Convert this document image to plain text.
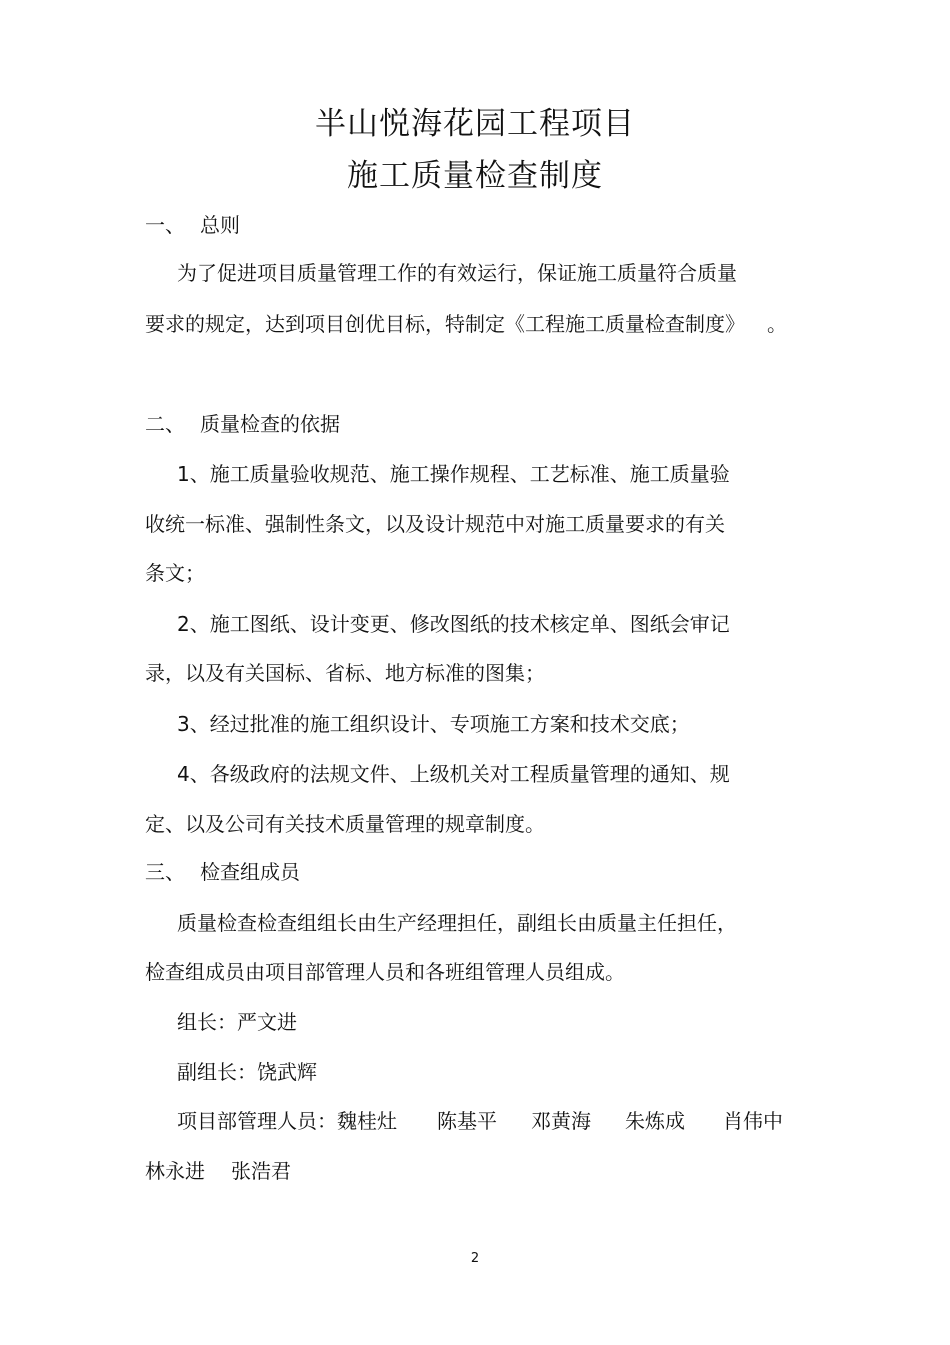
半山悦海花园工程项目
施工质量检查制度
一、 总则
为了促进项目质量管理工作的有效运行，保证施工质量符合质量
要求的规定，达到项目创优目标，特制定《工程施工质量检查制度》 。
二、 质量检查的依据
1、施工质量验收规范、施工操作规程、工艺标准、施工质量验
收统一标准、强制性条文，以及设计规范中对施工质量要求的有关
条文；
2、施工图纸、设计变更、修改图纸的技术核定单、图纸会审记
录，以及有关国标、省标、地方标准的图集；
3、经过批准的施工组织设计、专项施工方案和技术交底；
4、各级政府的法规文件、上级机关对工程质量管理的通知、规
定、以及公司有关技术质量管理的规章制度。
三、 检查组成员
质量检查检查组组长由生产经理担任，副组长由质量主任担任，
检查组成员由项目部管理人员和各班组管理人员组成。
组长：严文进
副组长：饶武辉
项目部管理人员：魏桂灶 陈基平 邓黄海 朱炼成 肖伟中
林永进 张浩君
2
